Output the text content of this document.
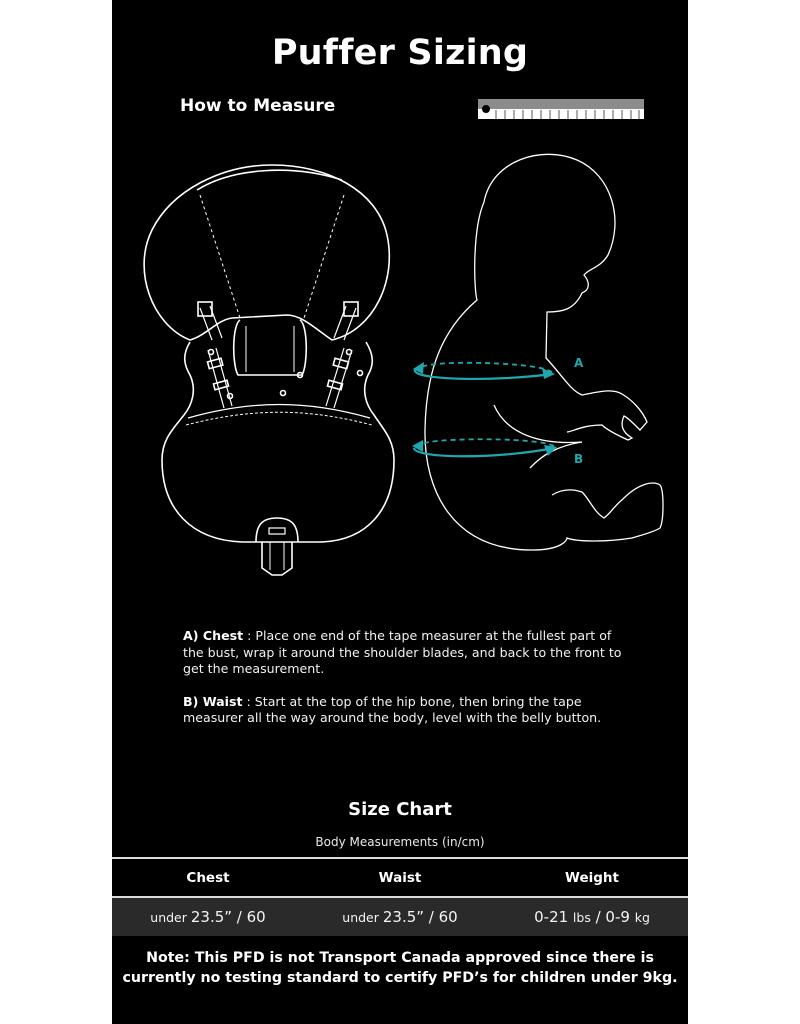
Puffer Sizing
How to Measure
A
B

A) Chest : Place one end of the tape measurer at the fullest part of the bust, wrap it around the shoulder blades, and back to the front to get the measurement.

B) Waist : Start at the top of the hip bone, then bring the tape measurer all the way around the body, level with the belly button.

Size Chart
Body Measurements (in/cm)
Chest	Waist	Weight
under 23.5” / 60	under 23.5” / 60	0-21 lbs / 0-9 kg
Note: This PFD is not Transport Canada approved since there is currently no testing standard to certify PFD’s for children under 9kg.
